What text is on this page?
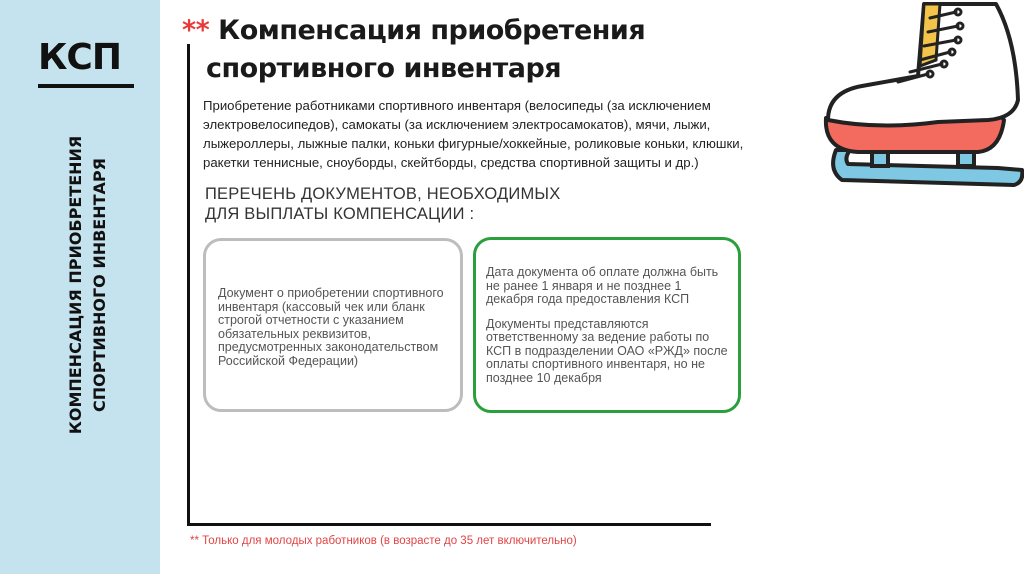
КСП
КОМПЕНСАЦИЯ ПРИОБРЕТЕНИЯ СПОРТИВНОГО ИНВЕНТАРЯ
** Компенсация приобретения
спортивного инвентаря
Приобретение работниками спортивного инвентаря (велосипеды (за исключением электровелосипедов), самокаты (за исключением электросамокатов), мячи, лыжи, лыжероллеры, лыжные палки, коньки фигурные/хоккейные, роликовые коньки, клюшки, ракетки теннисные, сноуборды, скейтборды, средства спортивной защиты и др.)
ПЕРЕЧЕНЬ ДОКУМЕНТОВ, НЕОБХОДИМЫХ
ДЛЯ ВЫПЛАТЫ КОМПЕНСАЦИИ :

Документ о приобретении спортивного инвентаря (кассовый чек или бланк строгой отчетности с указанием обязательных реквизитов, предусмотренных законодательством Российской Федерации)

Дата документа об оплате должна быть не ранее 1 января и не позднее 1 декабря года предоставления КСП

Документы представляются ответственному за ведение работы по КСП в подразделении ОАО «РЖД» после оплаты спортивного инвентаря, но не позднее 10 декабря

** Только для молодых работников (в возрасте до 35 лет включительно)
